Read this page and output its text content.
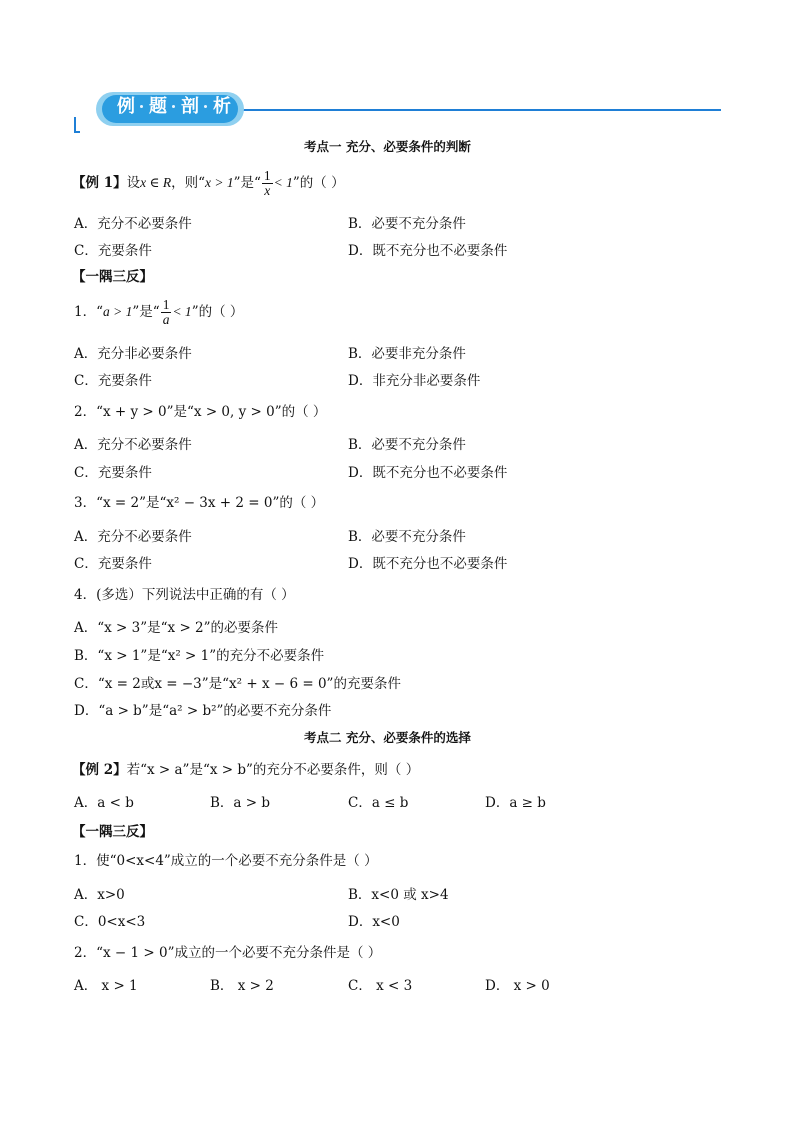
例 题 剖 析
考点一 充分、必要条件的判断
【例 1】设x ∈ R，则“x > 1”是“ $\frac{1}{x} < 1$”的（ ）
A．充分不必要条件	B．必要不充分条件
C．充要条件	D．既不充分也不必要条件
【一隅三反】
1．“a > 1”是“ $\frac{1}{a} < 1$”的（ ）
A．充分非必要条件	B．必要非充分条件
C．充要条件	D．非充分非必要条件
2．“x + y > 0”是“x > 0, y > 0”的（ ）
A．充分不必要条件	B．必要不充分条件
C．充要条件	D．既不充分也不必要条件
3．“x = 2”是“x² − 3x + 2 = 0”的（ ）
A．充分不必要条件	B．必要不充分条件
C．充要条件	D．既不充分也不必要条件
4．(多选）下列说法中正确的有（ ）
A．“x > 3”是“x > 2”的必要条件
B．“x > 1”是“x² > 1”的充分不必要条件
C．“x = 2或x = −3”是“x² + x − 6 = 0”的充要条件
D．“a > b”是“a² > b²”的必要不充分条件
考点二 充分、必要条件的选择
【例 2】若“x > a”是“x > b”的充分不必要条件，则（ ）
A．a < b	B．a > b	C．a ≤ b	D．a ≥ b
【一隅三反】
1．使“0<x<4”成立的一个必要不充分条件是（ ）
A．x>0	B．x<0 或 x>4
C．0<x<3	D．x<0
2．“x − 1 > 0”成立的一个必要不充分条件是（ ）
A． x > 1	B． x > 2	C． x < 3	D． x > 0
